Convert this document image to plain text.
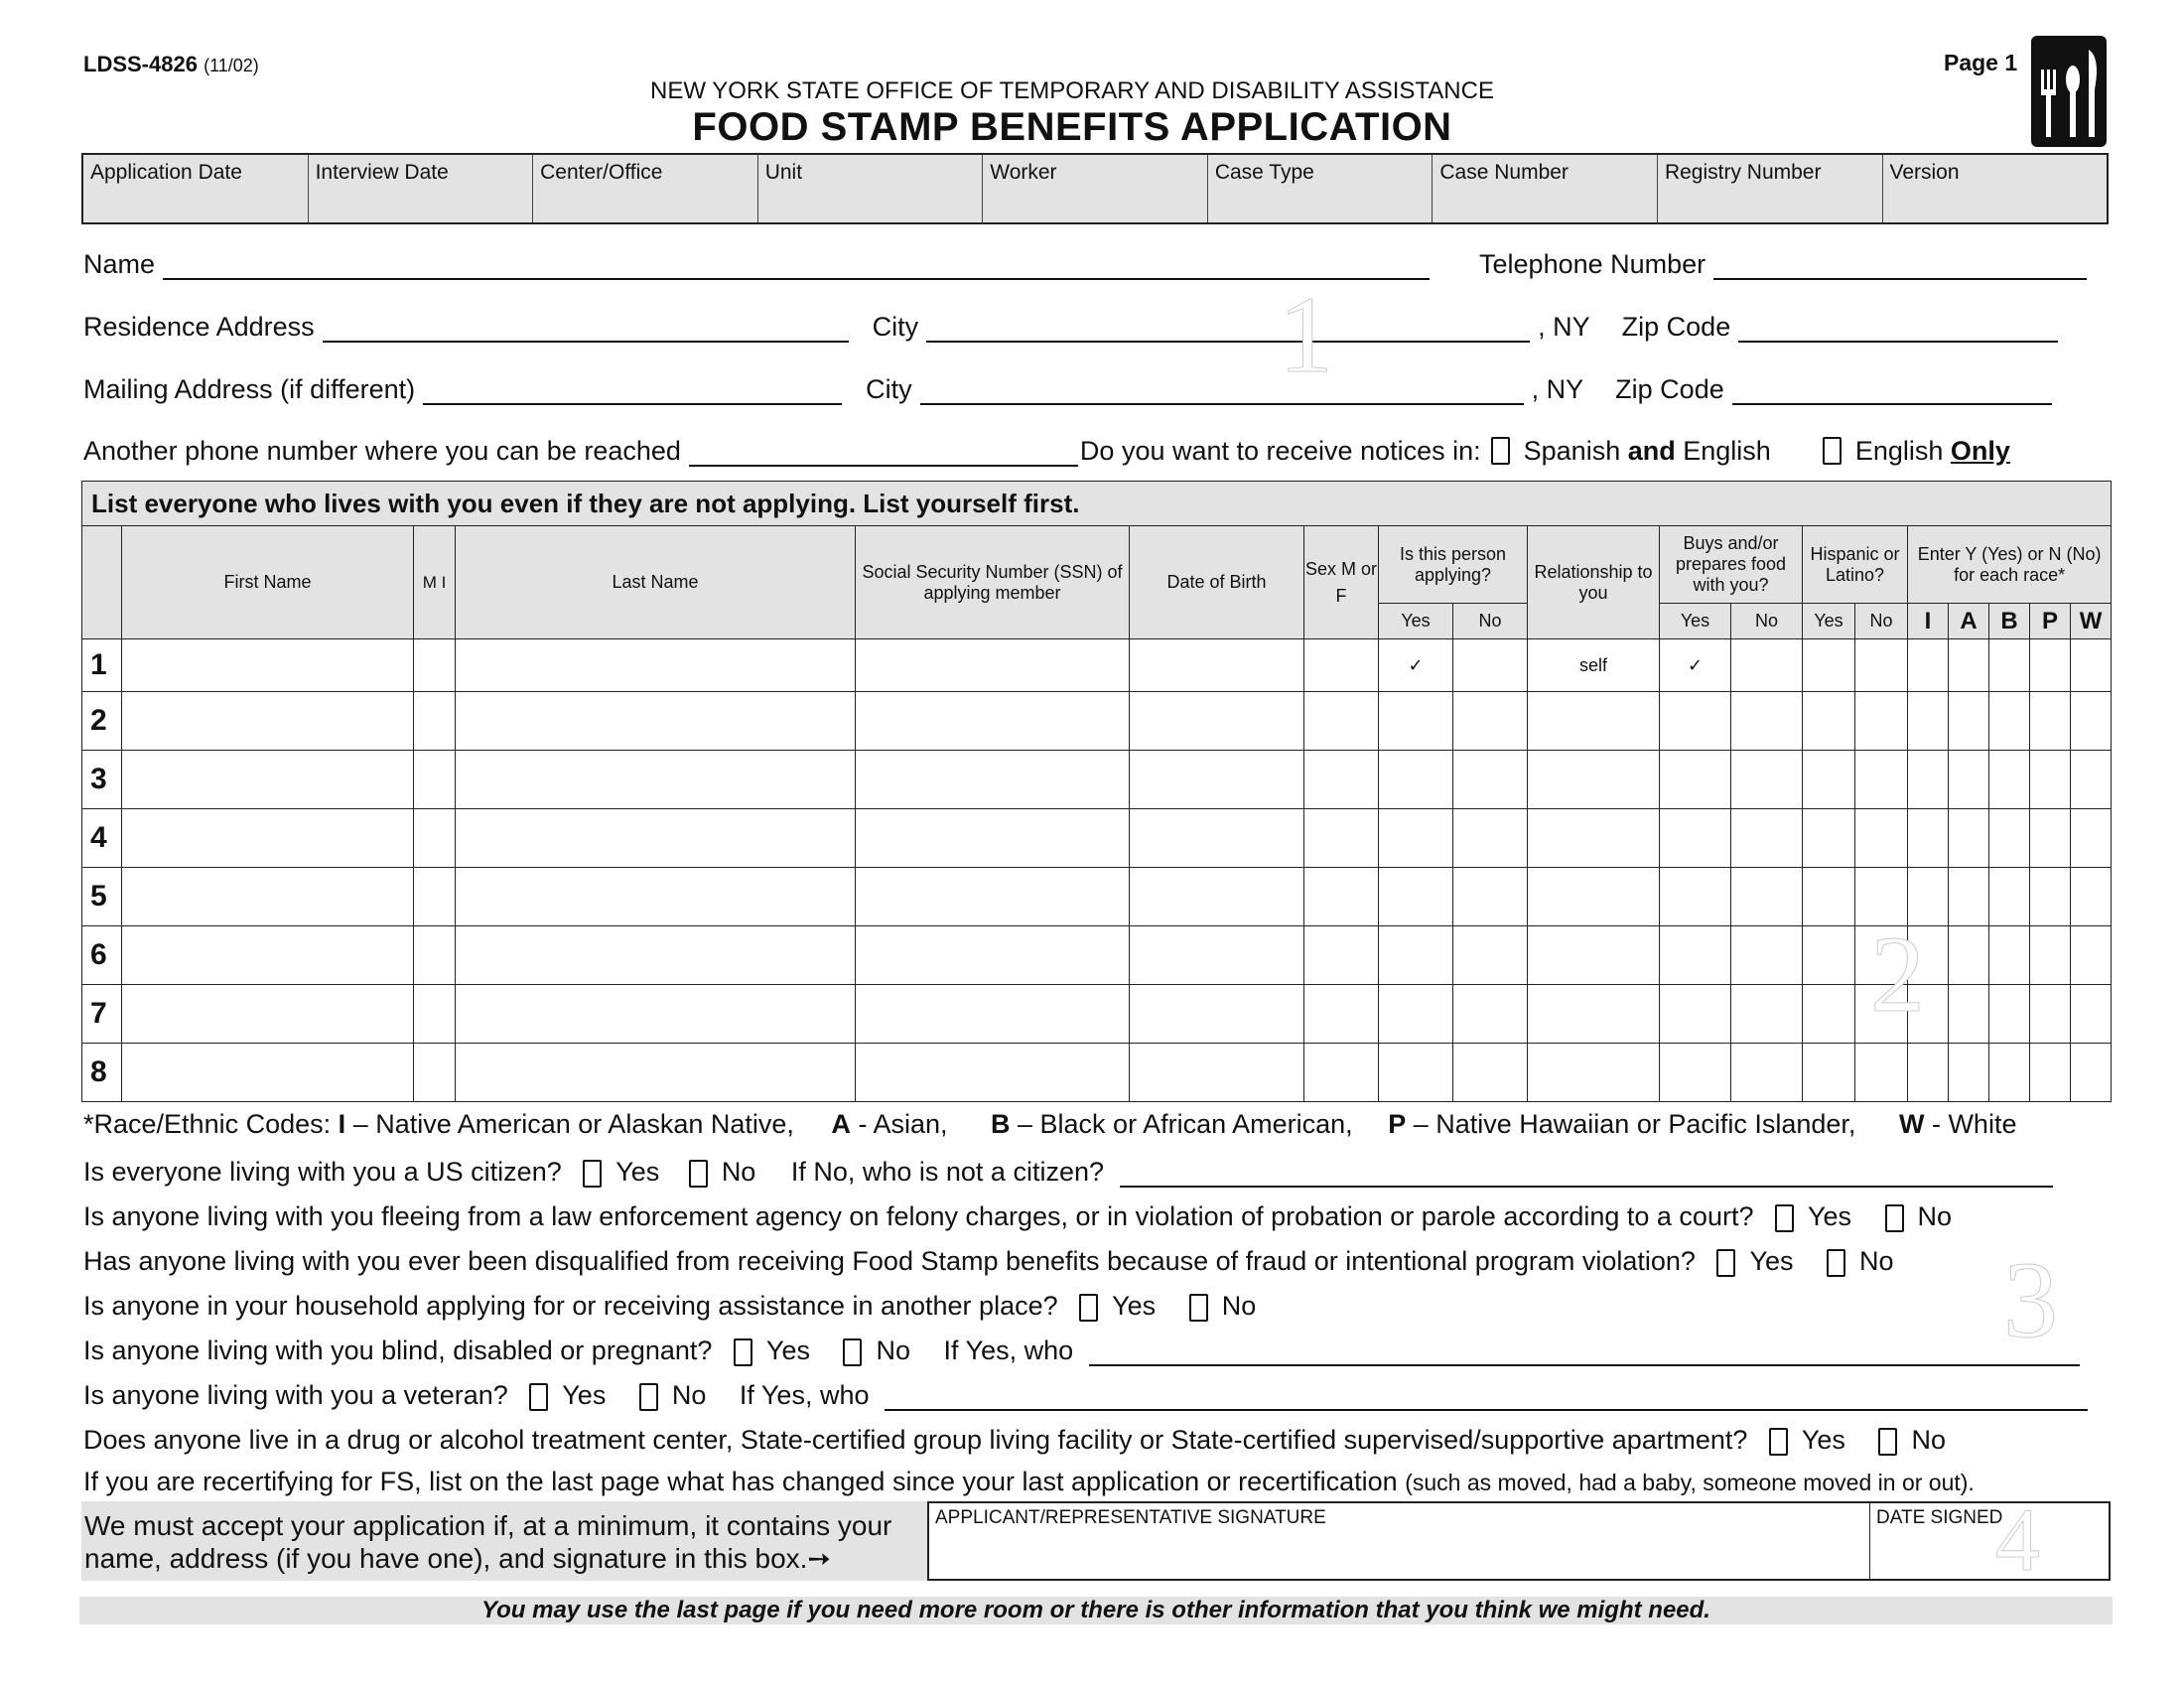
LDSS-4826 (11/02)	Page 1
NEW YORK STATE OFFICE OF TEMPORARY AND DISABILITY ASSISTANCE
FOOD STAMP BENEFITS APPLICATION
Application Date	Interview Date	Center/Office	Unit	Worker	Case Type	Case Number	Registry Number	Version
Name	Telephone Number
Residence Address	City	, NY Zip Code
Mailing Address (if different)	City	, NY Zip Code
Another phone number where you can be reached	Do you want to receive notices in: Spanish and English	English Only
List everyone who lives with you even if they are not applying. List yourself first.																		
	First Name	M I	Last Name	Social Security Number (SSN) of applying member	Date of Birth	Sex M or F	Is this person applying?		Relationship to you	Buys and/or prepares food with you?		Hispanic or Latino?		Enter Y (Yes) or N (No) for each race*				
							Yes	No		Yes	No	Yes	No	I	A	B	P	W
1							✓		self	✓								
2																		
3																		
4																		
5																		
6																		
7																		
8																		
*Race/Ethnic Codes: I – Native American or Alaskan Native, A - Asian, B – Black or African American, P – Native Hawaiian or Pacific Islander, W - White
Is everyone living with you a US citizen? Yes No If No, who is not a citizen?
Is anyone living with you fleeing from a law enforcement agency on felony charges, or in violation of probation or parole according to a court? Yes No
Has anyone living with you ever been disqualified from receiving Food Stamp benefits because of fraud or intentional program violation? Yes No
Is anyone in your household applying for or receiving assistance in another place? Yes No
Is anyone living with you blind, disabled or pregnant? Yes No If Yes, who
Is anyone living with you a veteran? Yes No If Yes, who
Does anyone live in a drug or alcohol treatment center, State-certified group living facility or State-certified supervised/supportive apartment? Yes No
If you are recertifying for FS, list on the last page what has changed since your last application or recertification (such as moved, had a baby, someone moved in or out).
We must accept your application if, at a minimum, it contains your name, address (if you have one), and signature in this box.➙
APPLICANT/REPRESENTATIVE SIGNATURE	DATE SIGNED
You may use the last page if you need more room or there is other information that you think we might need.
1
2
3
4
